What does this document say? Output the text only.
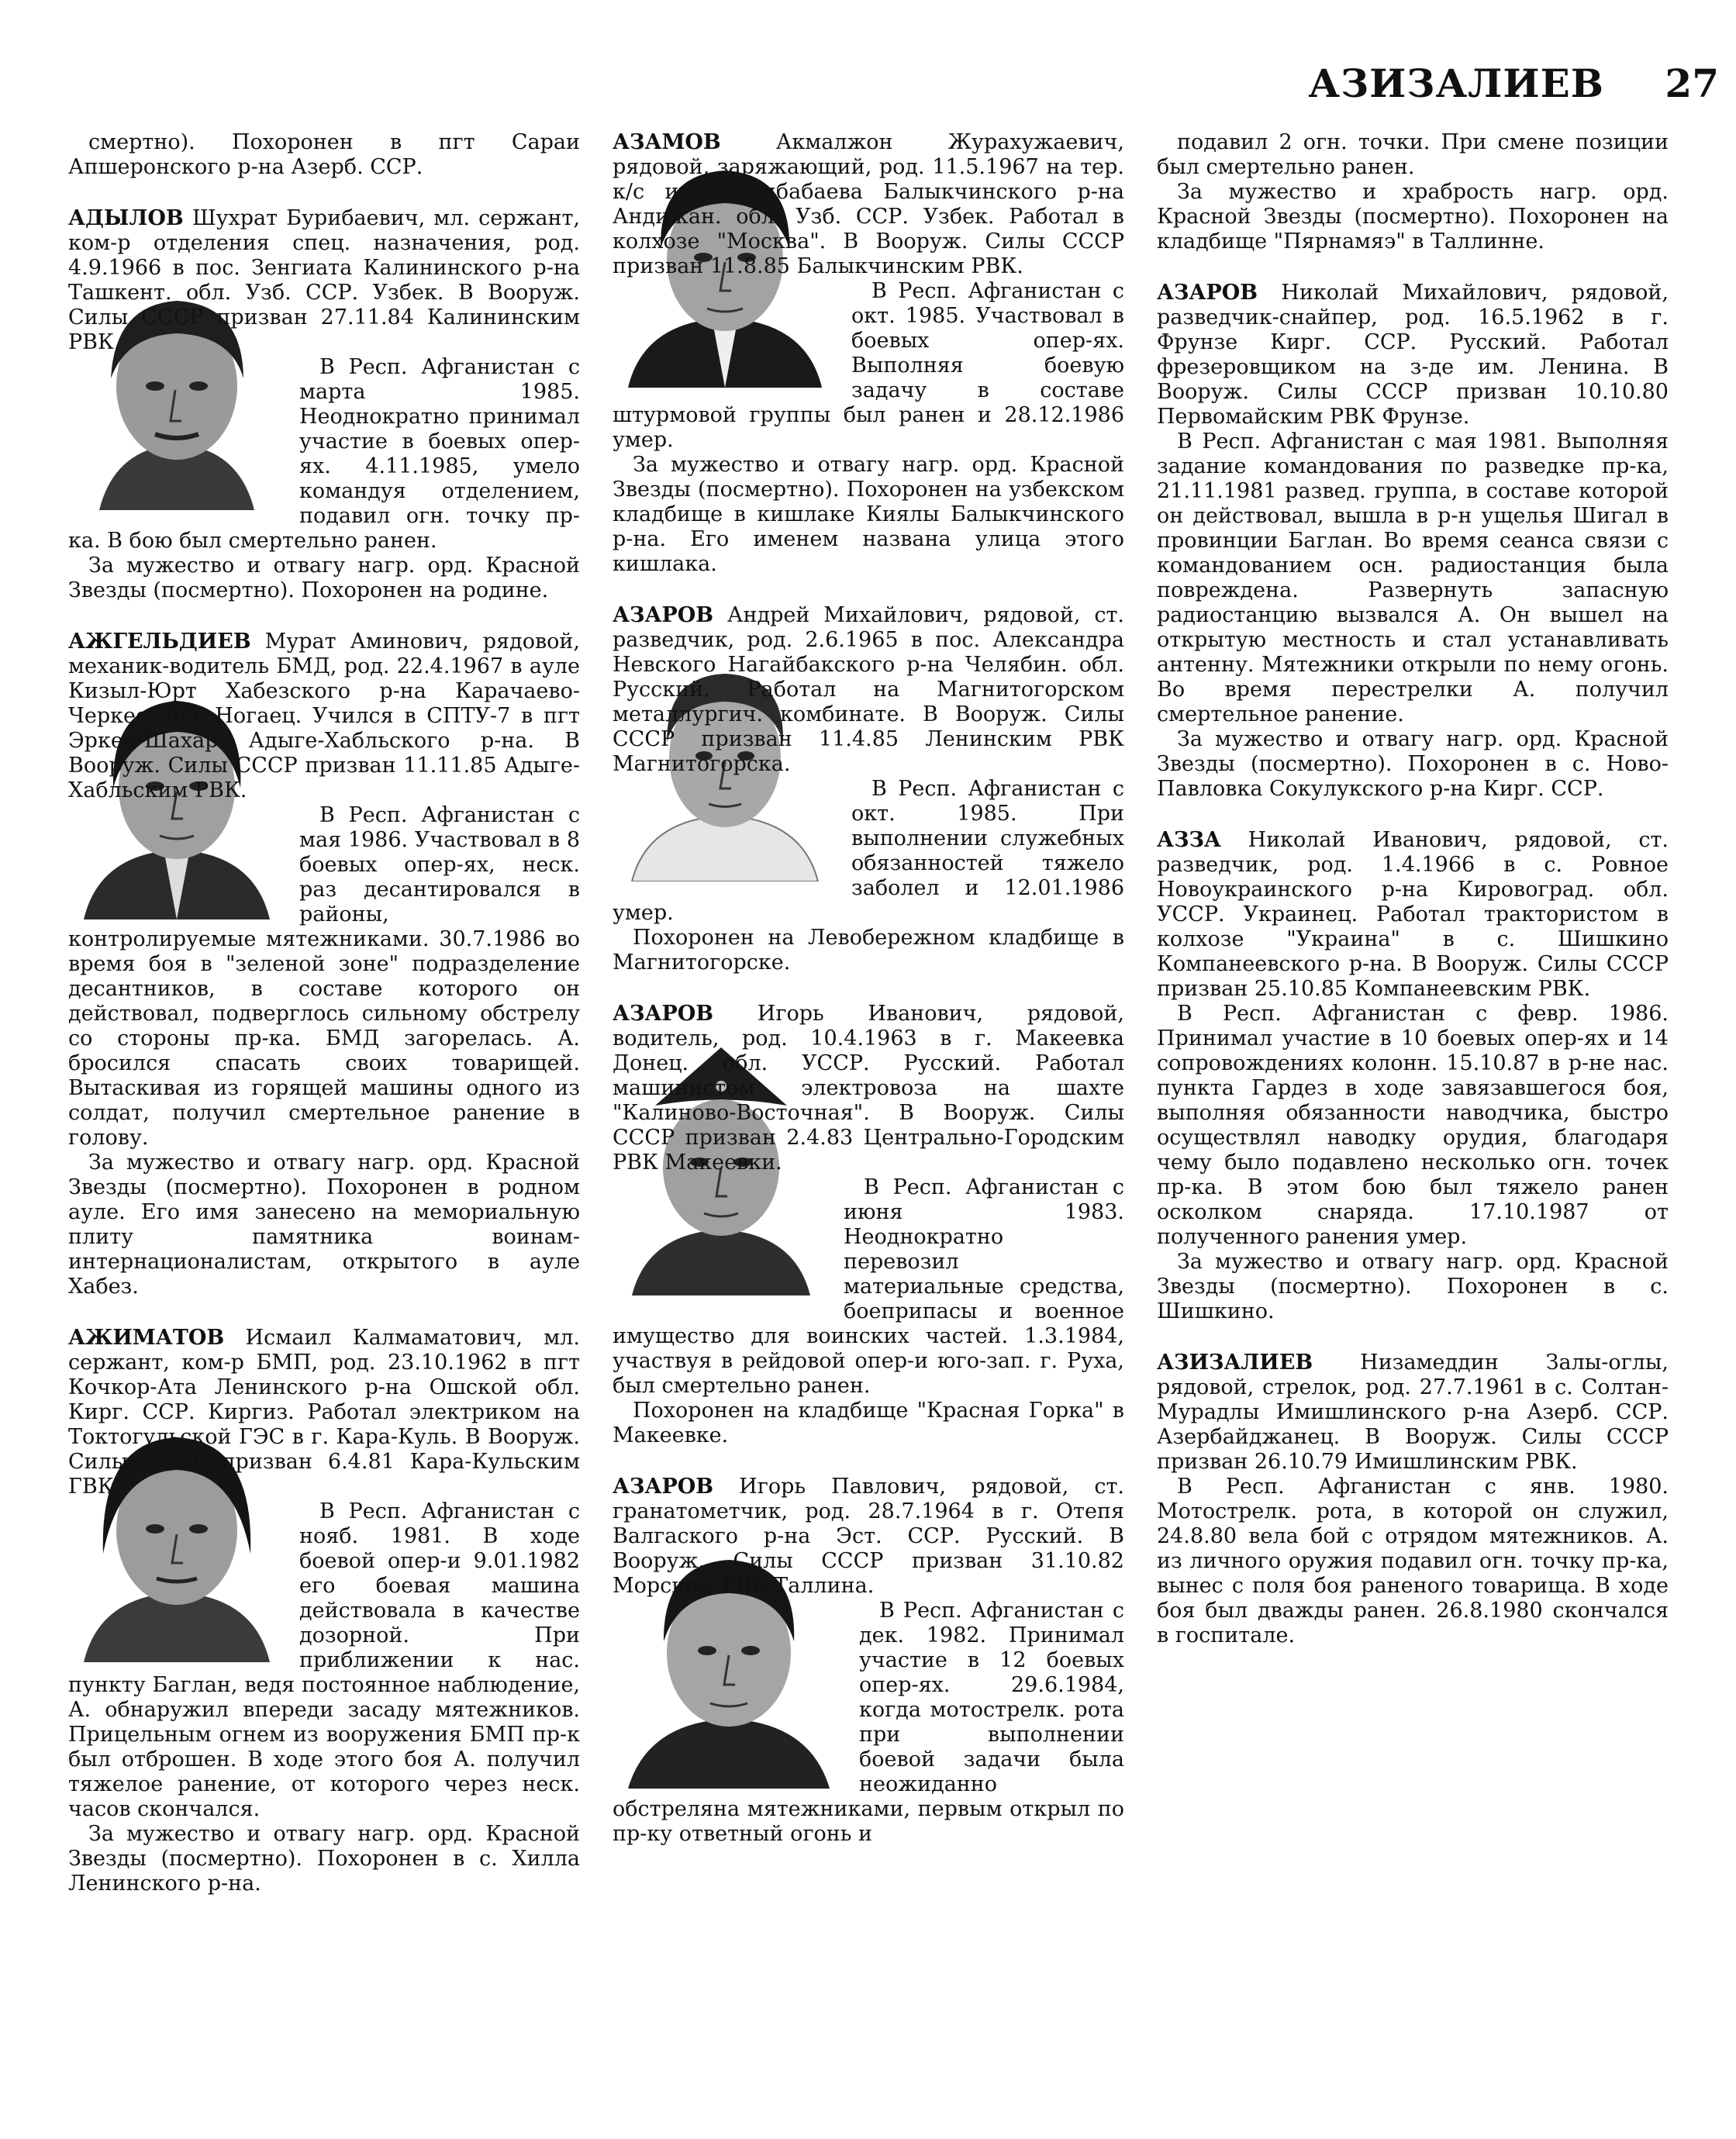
АЗИЗАЛИЕВ 27

смертно). Похоронен в пгт Сараи Апшеронского р-на Азерб. ССР.

АДЫЛОВ Шухрат Бурибаевич, мл. сержант, ком-р отделения спец. назначения, род. 4.9.1966 в пос. Зенгиата Калининского р-на Ташкент. обл. Узб. ССР. Узбек. В Вооруж. Силы СССР призван 27.11.84 Калининским РВК.

В Респ. Афганистан с марта 1985. Неоднократно принимал участие в боевых опер-ях. 4.11.1985, умело командуя отделением, подавил огн. точку пр-ка. В бою был смертельно ранен.

За мужество и отвагу нагр. орд. Красной Звезды (посмертно). Похоронен на родине.

АЖГЕЛЬДИЕВ Мурат Аминович, рядовой, механик-водитель БМД, род. 22.4.1967 в ауле Кизыл-Юрт Хабезского р-на Карачаево-Черкес. АО. Ногаец. Учился в СПТУ-7 в пгт Эркен-Шахар Адыге-Хабльского р-на. В Вооруж. Силы СССР призван 11.11.85 Адыге-Хабльским РВК.

В Респ. Афганистан с мая 1986. Участвовал в 8 боевых опер-ях, неск. раз десантировался в районы, контролируемые мятежниками. 30.7.1986 во время боя в "зеленой зоне" подразделение десантников, в составе которого он действовал, подверглось сильному обстрелу со стороны пр-ка. БМД загорелась. А. бросился спасать своих товарищей. Вытаскивая из горящей машины одного из солдат, получил смертельное ранение в голову.

За мужество и отвагу нагр. орд. Красной Звезды (посмертно). Похоронен в родном ауле. Его имя занесено на мемориальную плиту памятника воинам-интернационалистам, открытого в ауле Хабез.

АЖИМАТОВ Исмаил Калмаматович, мл. сержант, ком-р БМП, род. 23.10.1962 в пгт Кочкор-Ата Ленинского р-на Ошской обл. Кирг. ССР. Киргиз. Работал электриком на Токтогульской ГЭС в г. Кара-Куль. В Вооруж. Силы СССР призван 6.4.81 Кара-Кульским ГВК.

В Респ. Афганистан с нояб. 1981. В ходе боевой опер-и 9.01.1982 его боевая машина действовала в качестве дозорной. При приближении к нас. пункту Баглан, ведя постоянное наблюдение, А. обнаружил впереди засаду мятежников. Прицельным огнем из вооружения БМП пр-к был отброшен. В ходе этого боя А. получил тяжелое ранение, от которого через неск. часов скончался.

За мужество и отвагу нагр. орд. Красной Звезды (посмертно). Похоронен в с. Хилла Ленинского р-на.

АЗАМОВ	Акмалжон Журахужаевич, рядовой, заряжающий, род. 11.5.1967 на тер. к/с им. Ахунбабаева Балыкчинского р-на Андижан. обл. Узб. ССР. Узбек. Работал в колхозе "Москва". В Вооруж. Силы СССР призван 11.8.85 Балыкчинским РВК.

В Респ. Афганистан с окт. 1985. Участвовал в боевых опер-ях. Выполняя боевую задачу в составе штурмовой группы был ранен и 28.12.1986 умер.

За мужество и отвагу нагр. орд. Красной Звезды (посмертно). Похоронен на узбекском кладбище в кишлаке Киялы Балыкчинского р-на. Его именем названа улица этого кишлака.

АЗАРОВ Андрей Михайлович, рядовой, ст. разведчик, род. 2.6.1965 в пос. Александра Невского Нагайбакского р-на Челябин. обл. Русский. Работал на Магнитогорском металлургич. комбинате. В Вооруж. Силы СССР призван 11.4.85 Ленинским РВК Магнитогорска.

В Респ. Афганистан с окт. 1985. При выполнении служебных обязанностей тяжело заболел и 12.01.1986 умер.

Похоронен на Левобережном кладбище в Магнитогорске.

АЗАРОВ Игорь Иванович, рядовой, водитель, род. 10.4.1963 в г. Макеевка Донец. обл. УССР. Русский. Работал машинистом электровоза на шахте "Калиново-Восточная". В Вооруж. Силы СССР призван 2.4.83 Центрально-Городским РВК Макеевки.

В Респ. Афганистан с июня 1983. Неоднократно перевозил материальные средства, боеприпасы и военное имущество для воинских частей. 1.3.1984, участвуя в рейдовой опер-и юго-зап. г. Руха, был смертельно ранен.

Похоронен на кладбище "Красная Горка" в Макеевке.

АЗАРОВ Игорь Павлович, рядовой, ст. гранатометчик, род. 28.7.1964 в г. Отепя Валгаского р-на Эст. ССР. Русский. В Вооруж. Силы СССР призван 31.10.82 Морским РВК Таллина.

В Респ. Афганистан с дек. 1982. Принимал участие в 12 боевых опер-ях. 29.6.1984, когда мотострелк. рота при выполнении боевой задачи была неожиданно обстреляна мятежниками, первым открыл по пр-ку ответный огонь и

подавил 2 огн. точки. При смене позиции был смертельно ранен.

За мужество и храбрость нагр. орд. Красной Звезды (посмертно). Похоронен на кладбище "Пярнамяэ" в Таллинне.

АЗАРОВ Николай Михайлович, рядовой, разведчик-снайпер, род. 16.5.1962 в г. Фрунзе Кирг. ССР. Русский. Работал фрезеровщиком на з-де им. Ленина. В Вооруж. Силы СССР призван 10.10.80 Первомайским РВК Фрунзе.

В Респ. Афганистан с мая 1981. Выполняя задание командования по разведке пр-ка, 21.11.1981 развед. группа, в составе которой он действовал, вышла в р-н ущелья Шигал в провинции Баглан. Во время сеанса связи с командованием осн. радиостанция была повреждена. Развернуть запасную радиостанцию вызвался А. Он вышел на открытую местность и стал устанавливать антенну. Мятежники открыли по нему огонь. Во время перестрелки А. получил смертельное ранение.

За мужество и отвагу нагр. орд. Красной Звезды (посмертно). Похоронен в с. Ново-Павловка Сокулукского р-на Кирг. ССР.

АЗЗА Николай Иванович, рядовой, ст. разведчик, род. 1.4.1966 в с. Ровное Новоукраинского р-на Кировоград. обл. УССР. Украинец. Работал трактористом в колхозе "Украина" в с. Шишкино Компанеевского р-на. В Вооруж. Силы СССР призван 25.10.85 Компанеевским РВК.

В Респ. Афганистан с февр. 1986. Принимал участие в 10 боевых опер-ях и 14 сопровождениях колонн. 15.10.87 в р-не нас. пункта Гардез в ходе завязавшегося боя, выполняя обязанности наводчика, быстро осуществлял наводку орудия, благодаря чему было подавлено несколько огн. точек пр-ка. В этом бою был тяжело ранен осколком снаряда. 17.10.1987 от полученного ранения умер.

За мужество и отвагу нагр. орд. Красной Звезды (посмертно). Похоронен в с. Шишкино.

АЗИЗАЛИЕВ Низамеддин Залы-оглы, рядовой, стрелок, род. 27.7.1961 в с. Солтан-Мурадлы Имишлинского р-на Азерб. ССР. Азербайджанец. В Вооруж. Силы СССР призван 26.10.79 Имишлинским РВК.

В Респ. Афганистан с янв. 1980. Мотострелк. рота, в которой он служил, 24.8.80 вела бой с отрядом мятежников. А. из личного оружия подавил огн. точку пр-ка, вынес с поля боя раненого товарища. В ходе боя был дважды ранен. 26.8.1980 скончался в госпитале.
